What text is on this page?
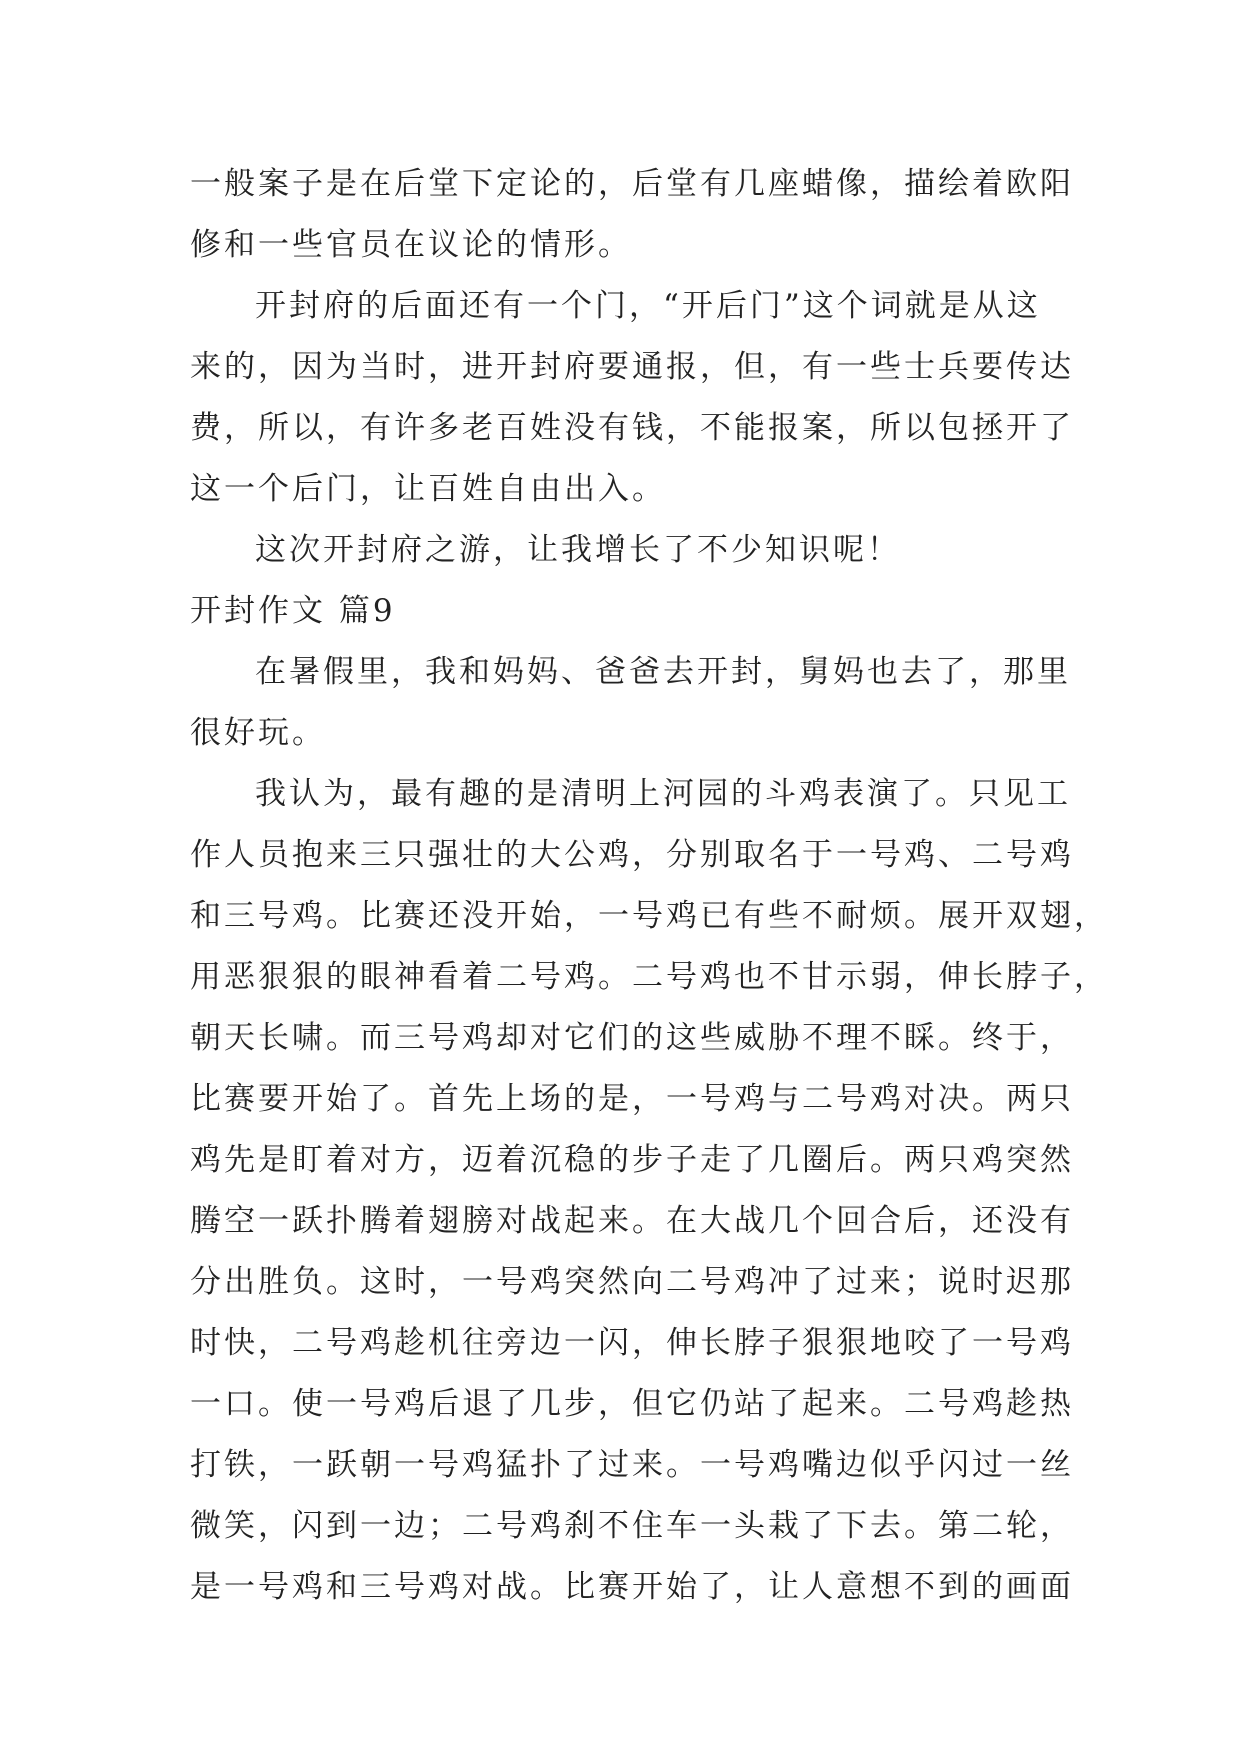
一般案子是在后堂下定论的，后堂有几座蜡像，描绘着欧阳
修和一些官员在议论的情形。
开封府的后面还有一个门，“开后门”这个词就是从这
来的，因为当时，进开封府要通报，但，有一些士兵要传达
费，所以，有许多老百姓没有钱，不能报案，所以包拯开了
这一个后门，让百姓自由出入。
这次开封府之游，让我增长了不少知识呢！
开封作文 篇9
在暑假里，我和妈妈、爸爸去开封，舅妈也去了，那里
很好玩。
我认为，最有趣的是清明上河园的斗鸡表演了。只见工
作人员抱来三只强壮的大公鸡，分别取名于一号鸡、二号鸡
和三号鸡。比赛还没开始，一号鸡已有些不耐烦。展开双翅，
用恶狠狠的眼神看着二号鸡。二号鸡也不甘示弱，伸长脖子，
朝天长啸。而三号鸡却对它们的这些威胁不理不睬。终于，
比赛要开始了。首先上场的是，一号鸡与二号鸡对决。两只
鸡先是盯着对方，迈着沉稳的步子走了几圈后。两只鸡突然
腾空一跃扑腾着翅膀对战起来。在大战几个回合后，还没有
分出胜负。这时，一号鸡突然向二号鸡冲了过来；说时迟那
时快，二号鸡趁机往旁边一闪，伸长脖子狠狠地咬了一号鸡
一口。使一号鸡后退了几步，但它仍站了起来。二号鸡趁热
打铁，一跃朝一号鸡猛扑了过来。一号鸡嘴边似乎闪过一丝
微笑，闪到一边；二号鸡刹不住车一头栽了下去。第二轮，
是一号鸡和三号鸡对战。比赛开始了，让人意想不到的画面
